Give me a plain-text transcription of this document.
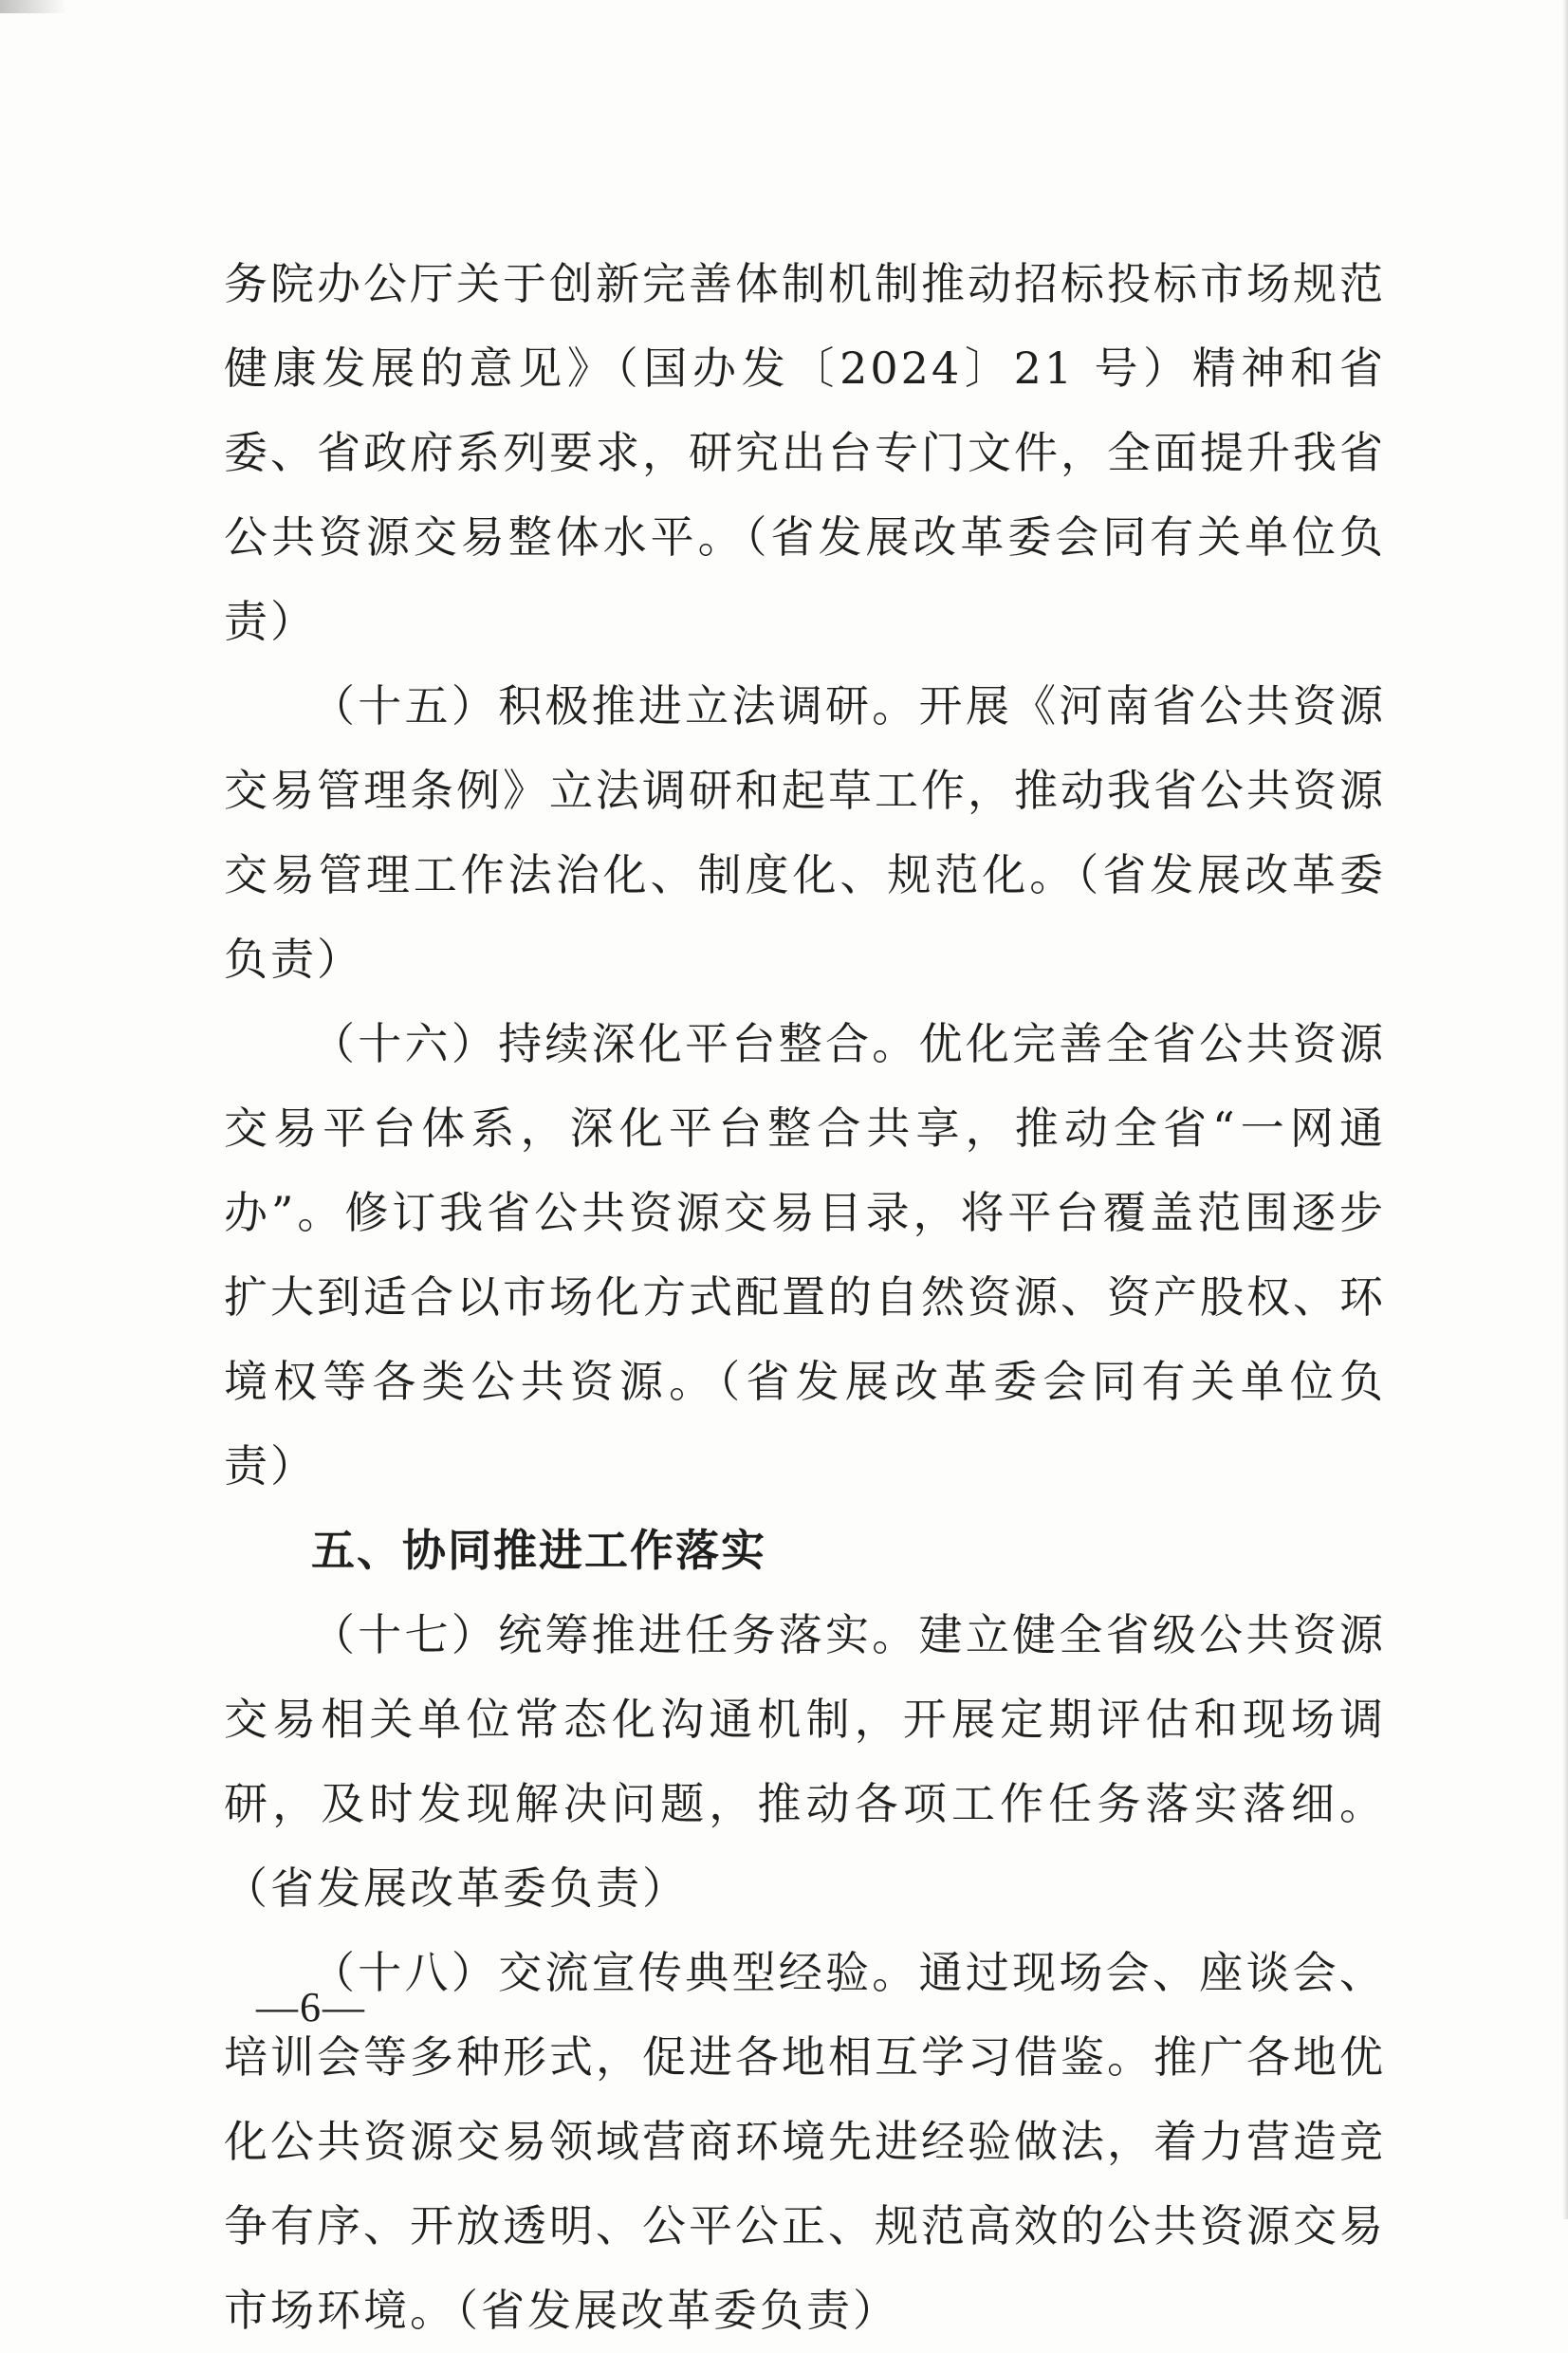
务院办公厅关于创新完善体制机制推动招标投标市场规范健康发展的意见》（国办发〔2024〕21 号）精神和省委、省政府系列要求，研究出台专门文件，全面提升我省公共资源交易整体水平。（省发展改革委会同有关单位负责）

（十五）积极推进立法调研。开展《河南省公共资源交易管理条例》立法调研和起草工作，推动我省公共资源交易管理工作法治化、制度化、规范化。（省发展改革委负责）

（十六）持续深化平台整合。优化完善全省公共资源交易平台体系，深化平台整合共享，推动全省“一网通办”。修订我省公共资源交易目录，将平台覆盖范围逐步扩大到适合以市场化方式配置的自然资源、资产股权、环境权等各类公共资源。（省发展改革委会同有关单位负责）

五、协同推进工作落实

（十七）统筹推进任务落实。建立健全省级公共资源交易相关单位常态化沟通机制，开展定期评估和现场调研，及时发现解决问题，推动各项工作任务落实落细。（省发展改革委负责）

（十八）交流宣传典型经验。通过现场会、座谈会、培训会等多种形式，促进各地相互学习借鉴。推广各地优化公共资源交易领域营商环境先进经验做法，着力营造竞争有序、开放透明、公平公正、规范高效的公共资源交易市场环境。（省发展改革委负责）

—6—
